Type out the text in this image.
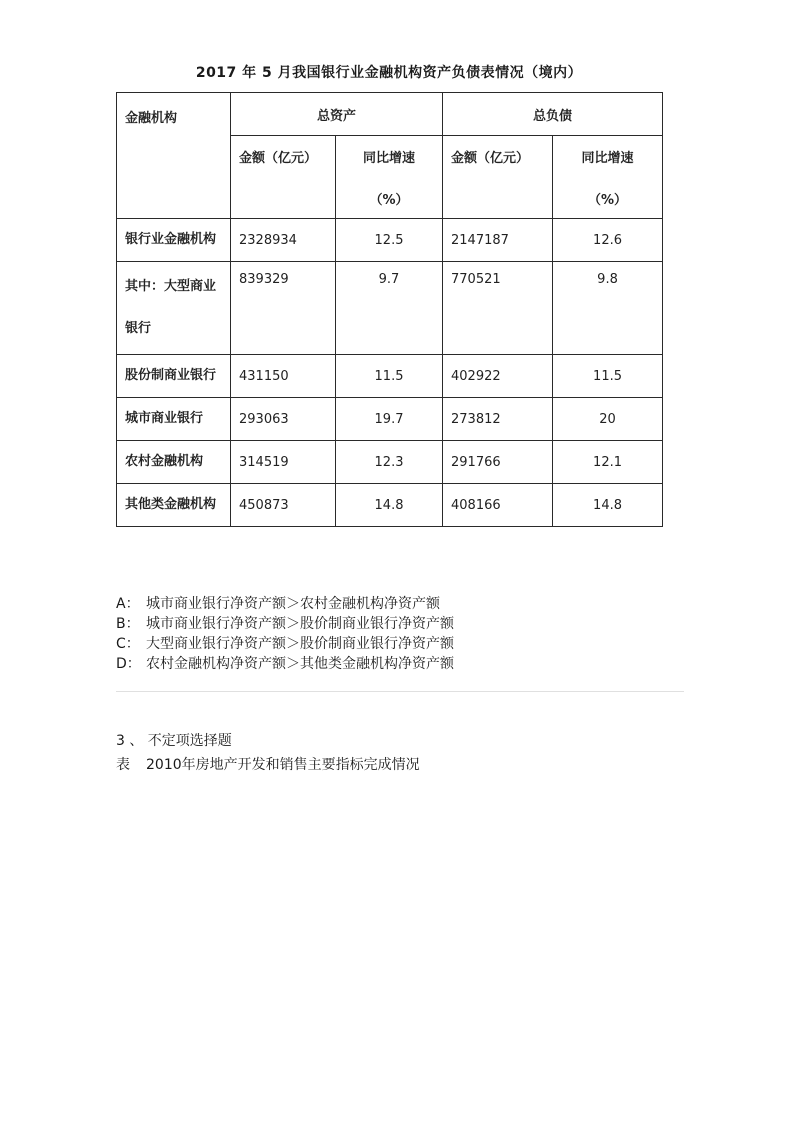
2017 年 5 月我国银行业金融机构资产负债表情况（境内）
金融机构	总资产		总负债	

	金额（亿元）	同比增速
（%）	金额（亿元）	同比增速
（%）

银行业金融机构	2328934	12.5	2147187	12.6

其中：大型商业
银行	839329	9.7	770521	9.8
股份制商业银行	431150	11.5	402922	11.5
城市商业银行	293063	19.7	273812	20
农村金融机构	314519	12.3	291766	12.1
其他类金融机构	450873	14.8	408166	14.8
A： 城市商业银行净资产额＞农村金融机构净资产额
B： 城市商业银行净资产额＞股价制商业银行净资产额
C： 大型商业银行净资产额＞股价制商业银行净资产额
D： 农村金融机构净资产额＞其他类金融机构净资产额
3 、 不定项选择题
表 2010年房地产开发和销售主要指标完成情况
